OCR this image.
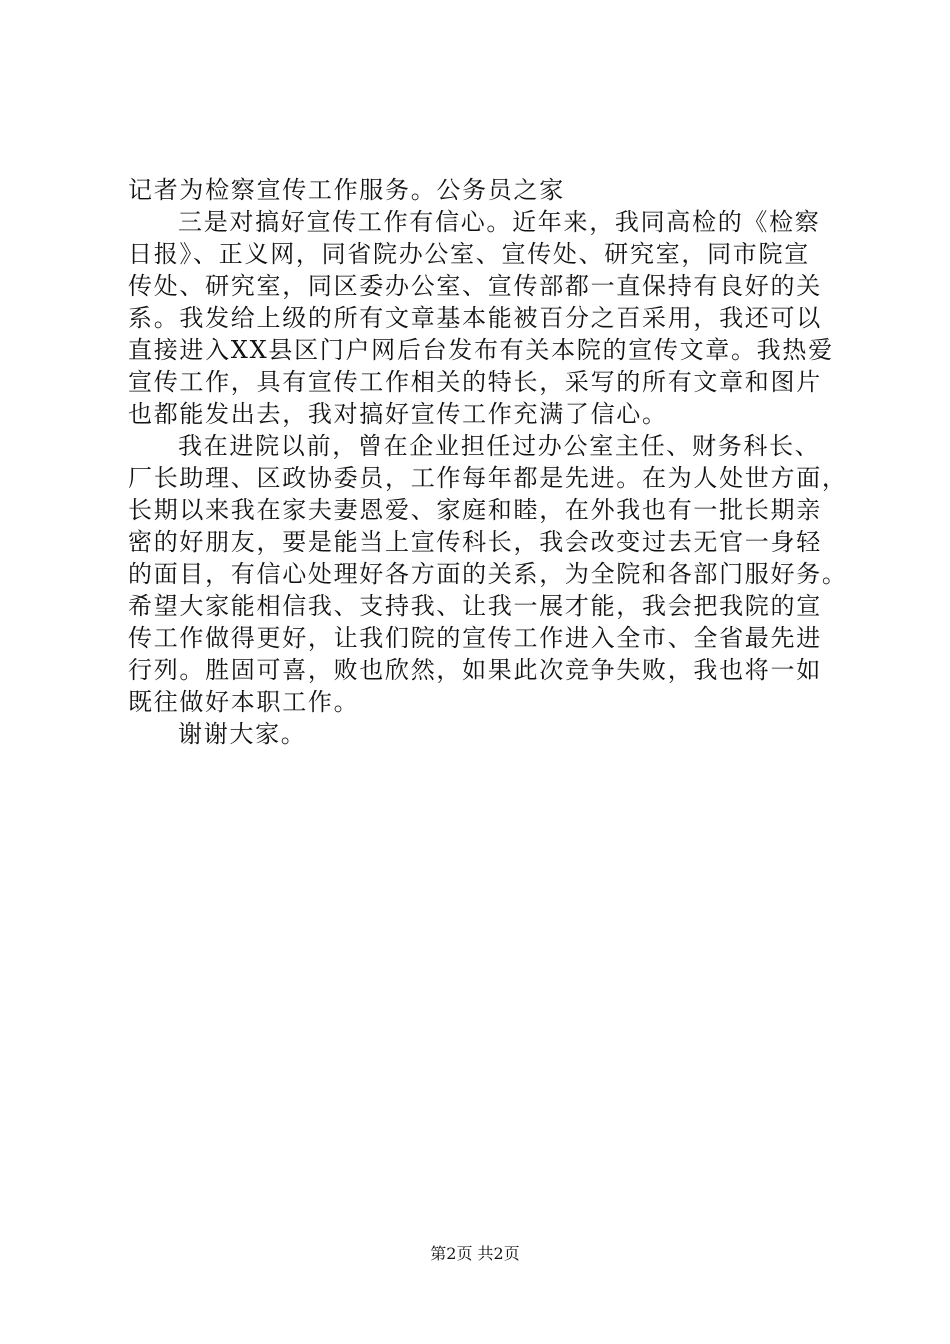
记者为检察宣传工作服务。公务员之家
三是对搞好宣传工作有信心。近年来，我同高检的《检察
日报》、正义网，同省院办公室、宣传处、研究室，同市院宣
传处、研究室，同区委办公室、宣传部都一直保持有良好的关
系。我发给上级的所有文章基本能被百分之百采用，我还可以
直接进入XX县区门户网后台发布有关本院的宣传文章。我热爱
宣传工作，具有宣传工作相关的特长，采写的所有文章和图片
也都能发出去，我对搞好宣传工作充满了信心。
我在进院以前，曾在企业担任过办公室主任、财务科长、
厂长助理、区政协委员，工作每年都是先进。在为人处世方面，
长期以来我在家夫妻恩爱、家庭和睦，在外我也有一批长期亲
密的好朋友，要是能当上宣传科长，我会改变过去无官一身轻
的面目，有信心处理好各方面的关系，为全院和各部门服好务。
希望大家能相信我、支持我、让我一展才能，我会把我院的宣
传工作做得更好，让我们院的宣传工作进入全市、全省最先进
行列。胜固可喜，败也欣然，如果此次竞争失败，我也将一如
既往做好本职工作。
谢谢大家。
第2页 共2页
